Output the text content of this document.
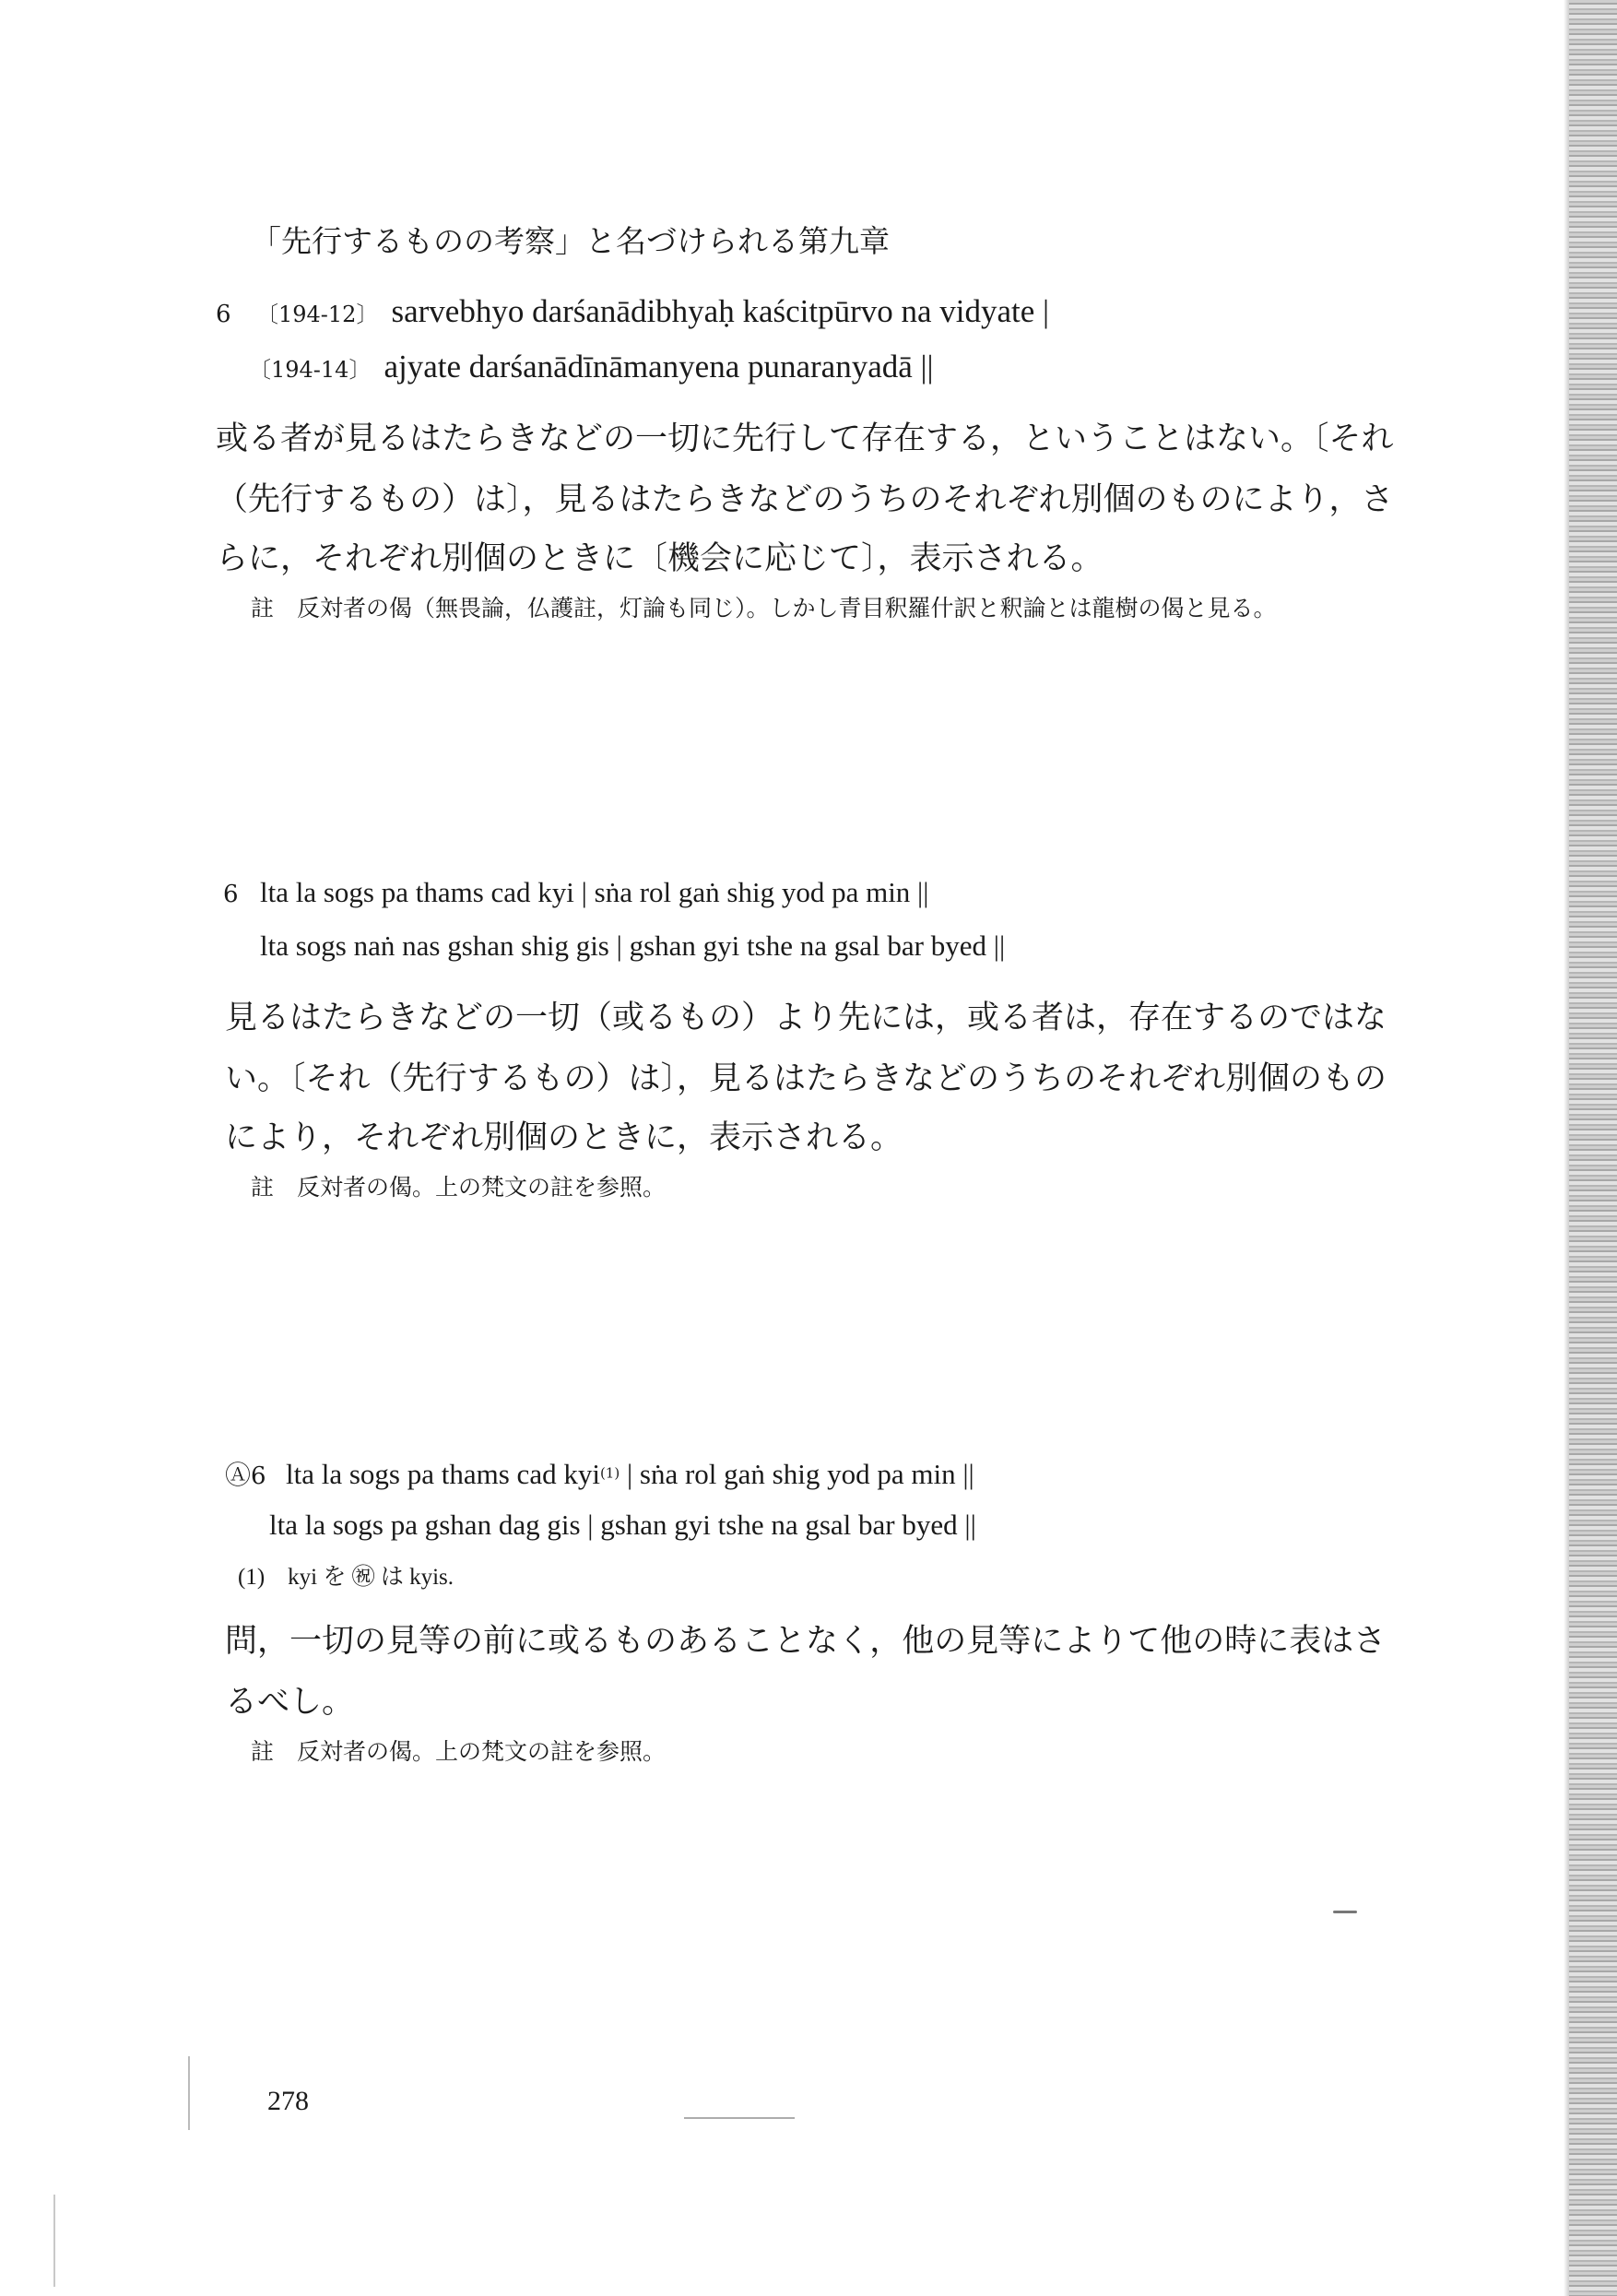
「先行するものの考察」と名づけられる第九章
6 〔194-12〕 sarvebhyo darśanādibhyaḥ kaścitpūrvo na vidyate |
〔194-14〕 ajyate darśanādīnāmanyena punaranyadā ||
或る者が見るはたらきなどの一切に先行して存在する，ということはない。〔それ
（先行するもの）は〕，見るはたらきなどのうちのそれぞれ別個のものにより，さ
らに，それぞれ別個のときに〔機会に応じて〕，表示される。
註　反対者の偈（無畏論，仏護註，灯論も同じ）。しかし青目釈羅什訳と釈論とは龍樹の偈と見る。
6 lta la sogs pa thams cad kyi | sṅa rol gaṅ shig yod pa min ||
lta sogs naṅ nas gshan shig gis | gshan gyi tshe na gsal bar byed ||
見るはたらきなどの一切（或るもの）より先には，或る者は，存在するのではな
い。〔それ（先行するもの）は〕，見るはたらきなどのうちのそれぞれ別個のもの
により，それぞれ別個のときに，表示される。
註　反対者の偈。上の梵文の註を参照。
Ⓐ6 lta la sogs pa thams cad kyi$^{(1)}$ | sṅa rol gaṅ shig yod pa min ||
lta la sogs pa gshan dag gis | gshan gyi tshe na gsal bar byed ||
(1)　kyi を ㊗ は kyis.
問，一切の見等の前に或るものあることなく，他の見等によりて他の時に表はさ
るべし。
註　反対者の偈。上の梵文の註を参照。
278
